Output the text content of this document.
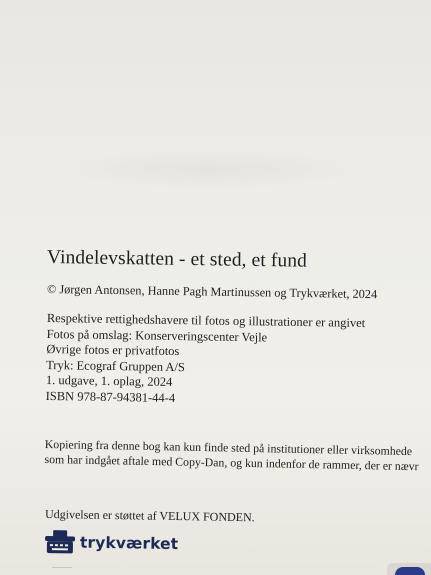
Vindelevskatten - et sted, et fund
© Jørgen Antonsen, Hanne Pagh Martinussen og Trykværket, 2024
Respektive rettighedshavere til fotos og illustrationer er angivet
Fotos på omslag: Konserveringscenter Vejle
Øvrige fotos er privatfotos
Tryk: Ecograf Gruppen A/S
1. udgave, 1. oplag, 2024
ISBN 978-87-94381-44-4
Kopiering fra denne bog kan kun finde sted på institutioner eller virksomhede
som har indgået aftale med Copy-Dan, og kun indenfor de rammer, der er nævr
Udgivelsen er støttet af VELUX FONDEN.
trykværket
